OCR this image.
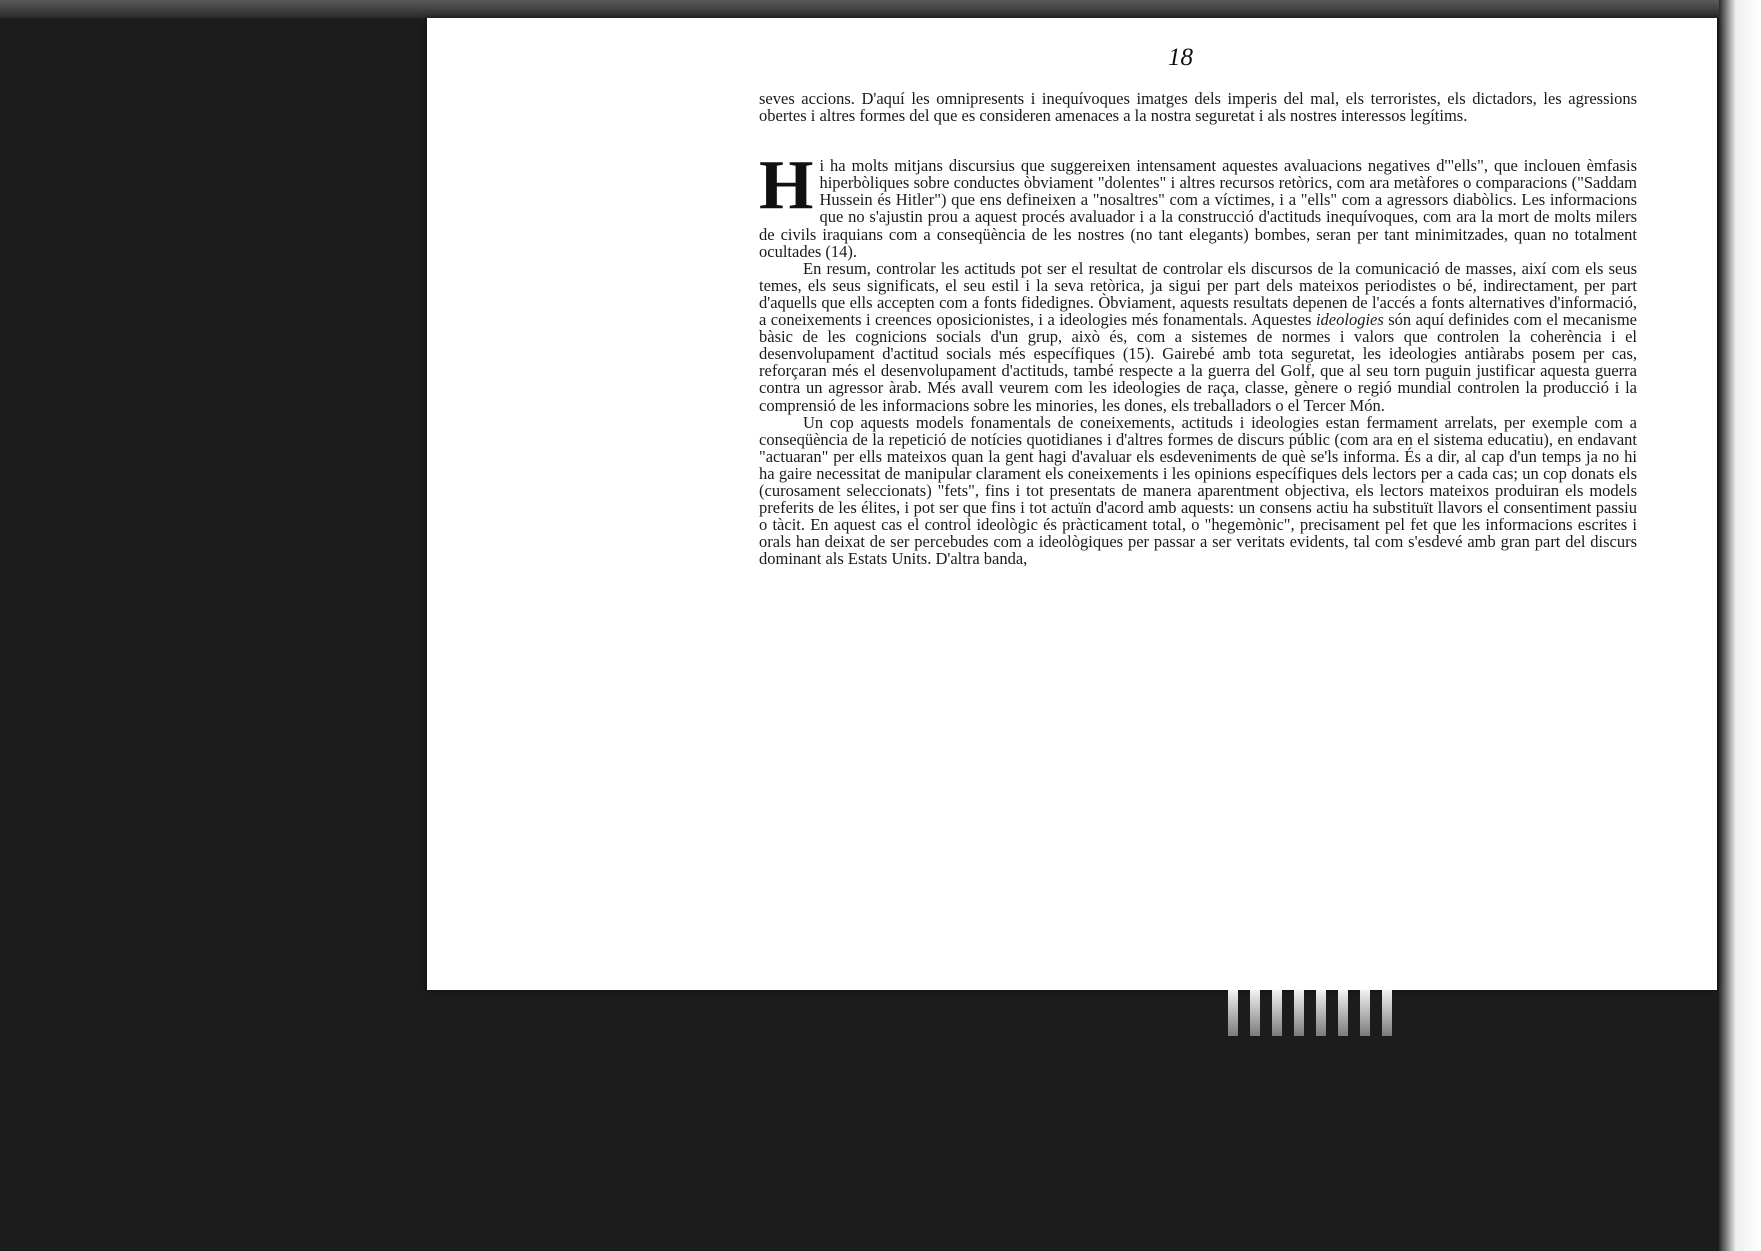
18

seves accions. D'aquí les omnipresents i inequívoques imatges dels imperis del mal, els terroristes, els dictadors, les agressions obertes i altres formes del que es consideren amenaces a la nostra seguretat i als nostres interessos legítims.

Hi ha molts mitjans discursius que suggereixen intensament aquestes avaluacions negatives d'"ells", que inclouen èmfasis hiperbòliques sobre conductes òbviament "dolentes" i altres recursos retòrics, com ara metàfores o comparacions ("Saddam Hussein és Hitler") que ens defineixen a "nosaltres" com a víctimes, i a "ells" com a agressors diabòlics. Les informacions que no s'ajustin prou a aquest procés avaluador i a la construcció d'actituds inequívoques, com ara la mort de molts milers de civils iraquians com a conseqüència de les nostres (no tant elegants) bombes, seran per tant minimitzades, quan no totalment ocultades (14).

En resum, controlar les actituds pot ser el resultat de controlar els discursos de la comunicació de masses, així com els seus temes, els seus significats, el seu estil i la seva retòrica, ja sigui per part dels mateixos periodistes o bé, indirectament, per part d'aquells que ells accepten com a fonts fidedignes. Òbviament, aquests resultats depenen de l'accés a fonts alternatives d'informació, a coneixements i creences oposicionistes, i a ideologies més fonamentals. Aquestes ideologies són aquí definides com el mecanisme bàsic de les cognicions socials d'un grup, això és, com a sistemes de normes i valors que controlen la coherència i el desenvolupament d'actitud socials més específiques (15). Gairebé amb tota seguretat, les ideologies antiàrabs posem per cas, reforçaran més el desenvolupament d'actituds, també respecte a la guerra del Golf, que al seu torn puguin justificar aquesta guerra contra un agressor àrab. Més avall veurem com les ideologies de raça, classe, gènere o regió mundial controlen la producció i la comprensió de les informacions sobre les minories, les dones, els treballadors o el Tercer Món.

Un cop aquests models fonamentals de coneixements, actituds i ideologies estan fermament arrelats, per exemple com a conseqüència de la repetició de notícies quotidianes i d'altres formes de discurs públic (com ara en el sistema educatiu), en endavant "actuaran" per ells mateixos quan la gent hagi d'avaluar els esdeveniments de què se'ls informa. És a dir, al cap d'un temps ja no hi ha gaire necessitat de manipular clarament els coneixements i les opinions específiques dels lectors per a cada cas; un cop donats els (curosament seleccionats) "fets", fins i tot presentats de manera aparentment objectiva, els lectors mateixos produiran els models preferits de les élites, i pot ser que fins i tot actuïn d'acord amb aquests: un consens actiu ha substituït llavors el consentiment passiu o tàcit. En aquest cas el control ideològic és pràcticament total, o "hegemònic", precisament pel fet que les informacions escrites i orals han deixat de ser percebudes com a ideològiques per passar a ser veritats evidents, tal com s'esdevé amb gran part del discurs dominant als Estats Units. D'altra banda,
